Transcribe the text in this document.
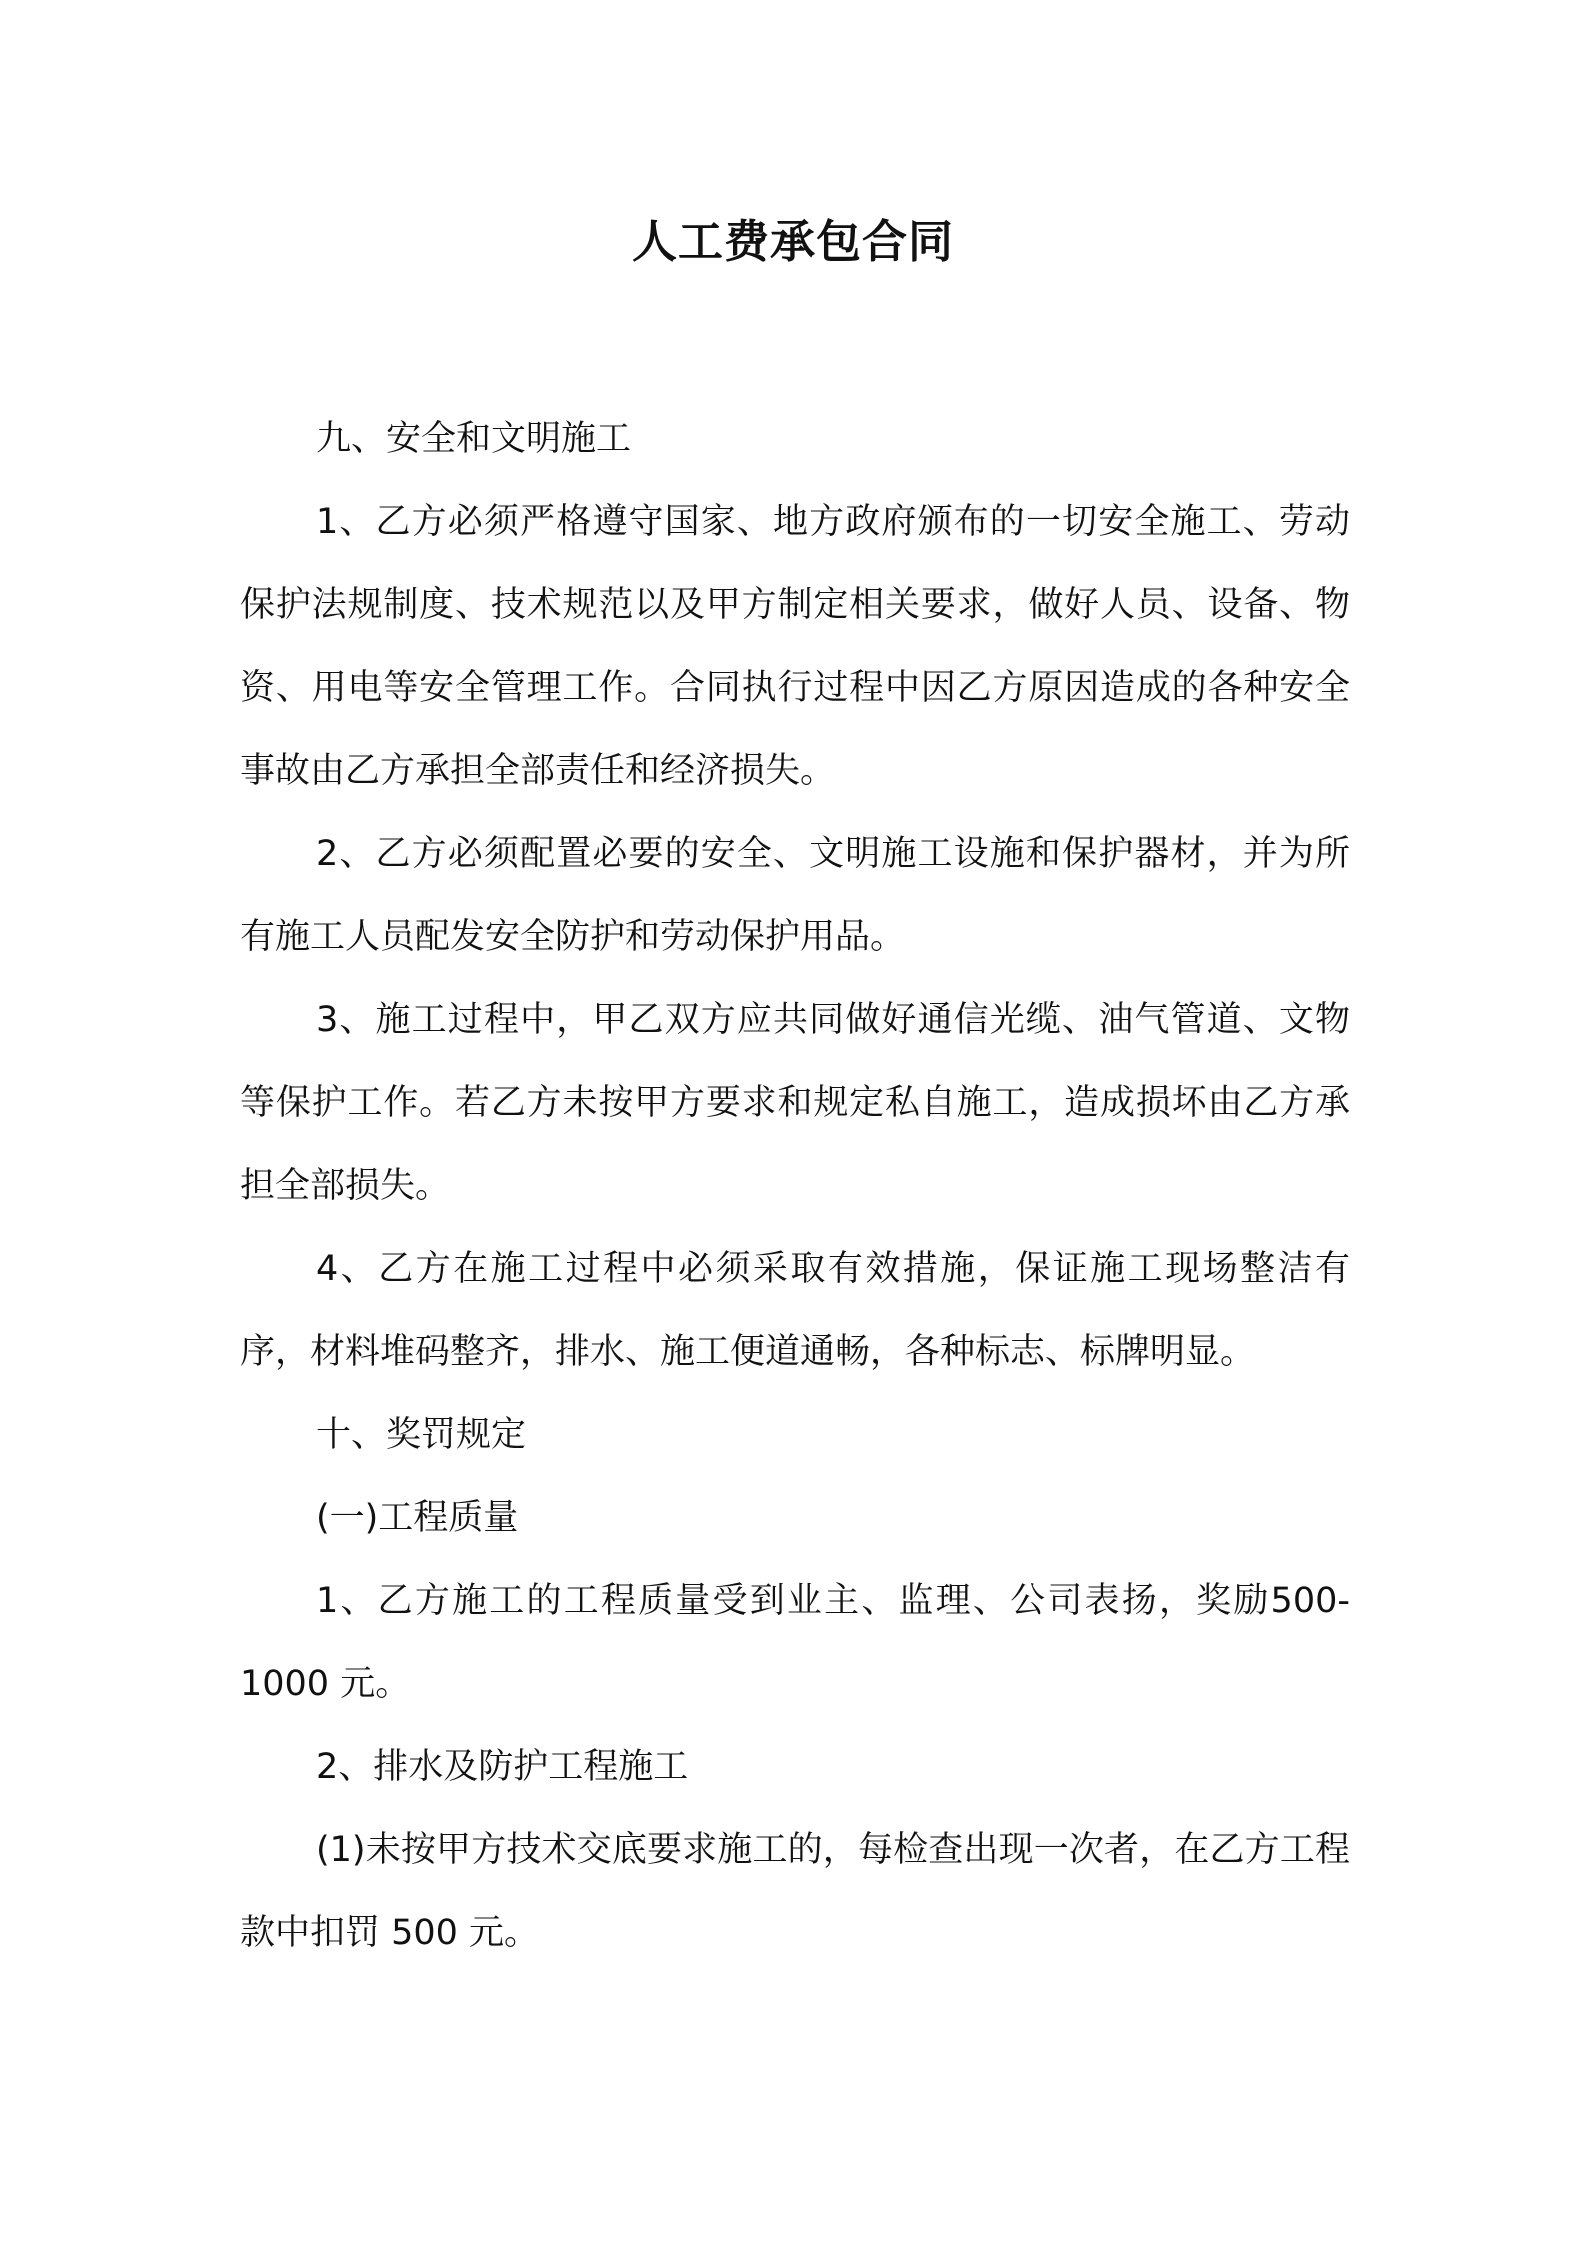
人工费承包合同

九、安全和文明施工

1、乙方必须严格遵守国家、地方政府颁布的一切安全施工、劳动保护法规制度、技术规范以及甲方制定相关要求，做好人员、设备、物资、用电等安全管理工作。合同执行过程中因乙方原因造成的各种安全事故由乙方承担全部责任和经济损失。

2、乙方必须配置必要的安全、文明施工设施和保护器材，并为所有施工人员配发安全防护和劳动保护用品。

3、施工过程中，甲乙双方应共同做好通信光缆、油气管道、文物等保护工作。若乙方未按甲方要求和规定私自施工，造成损坏由乙方承担全部损失。

4、乙方在施工过程中必须采取有效措施，保证施工现场整洁有序，材料堆码整齐，排水、施工便道通畅，各种标志、标牌明显。

十、奖罚规定

(一)工程质量

1、乙方施工的工程质量受到业主、监理、公司表扬，奖励500-1000 元。

2、排水及防护工程施工

(1)未按甲方技术交底要求施工的，每检查出现一次者，在乙方工程款中扣罚 500 元。
